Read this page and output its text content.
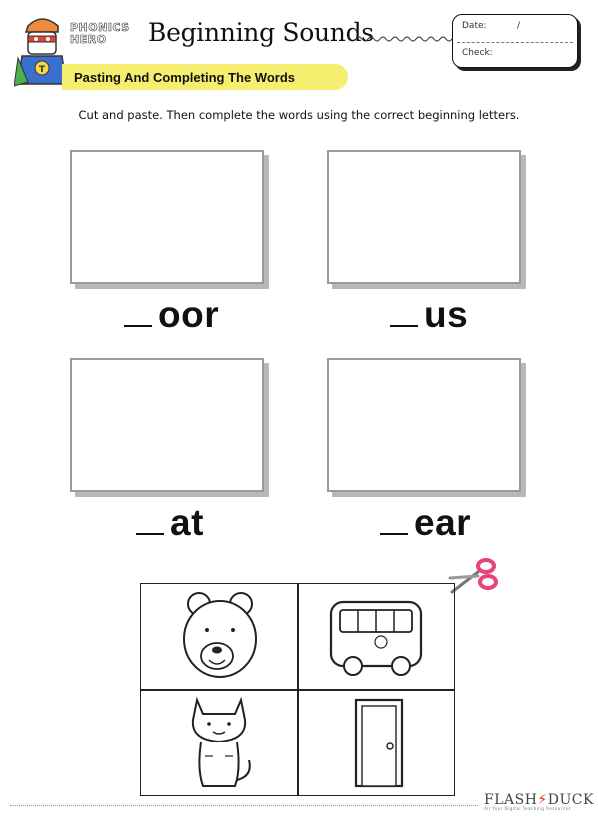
T
PHONICS
HERO	Beginning Sounds	Date:	/
Check:
Pasting And Completing The Words
Cut and paste. Then complete the words using the correct beginning letters.
oor	us
at	ear
FLASH⚡DUCK
All Your Digital Teaching Resources
